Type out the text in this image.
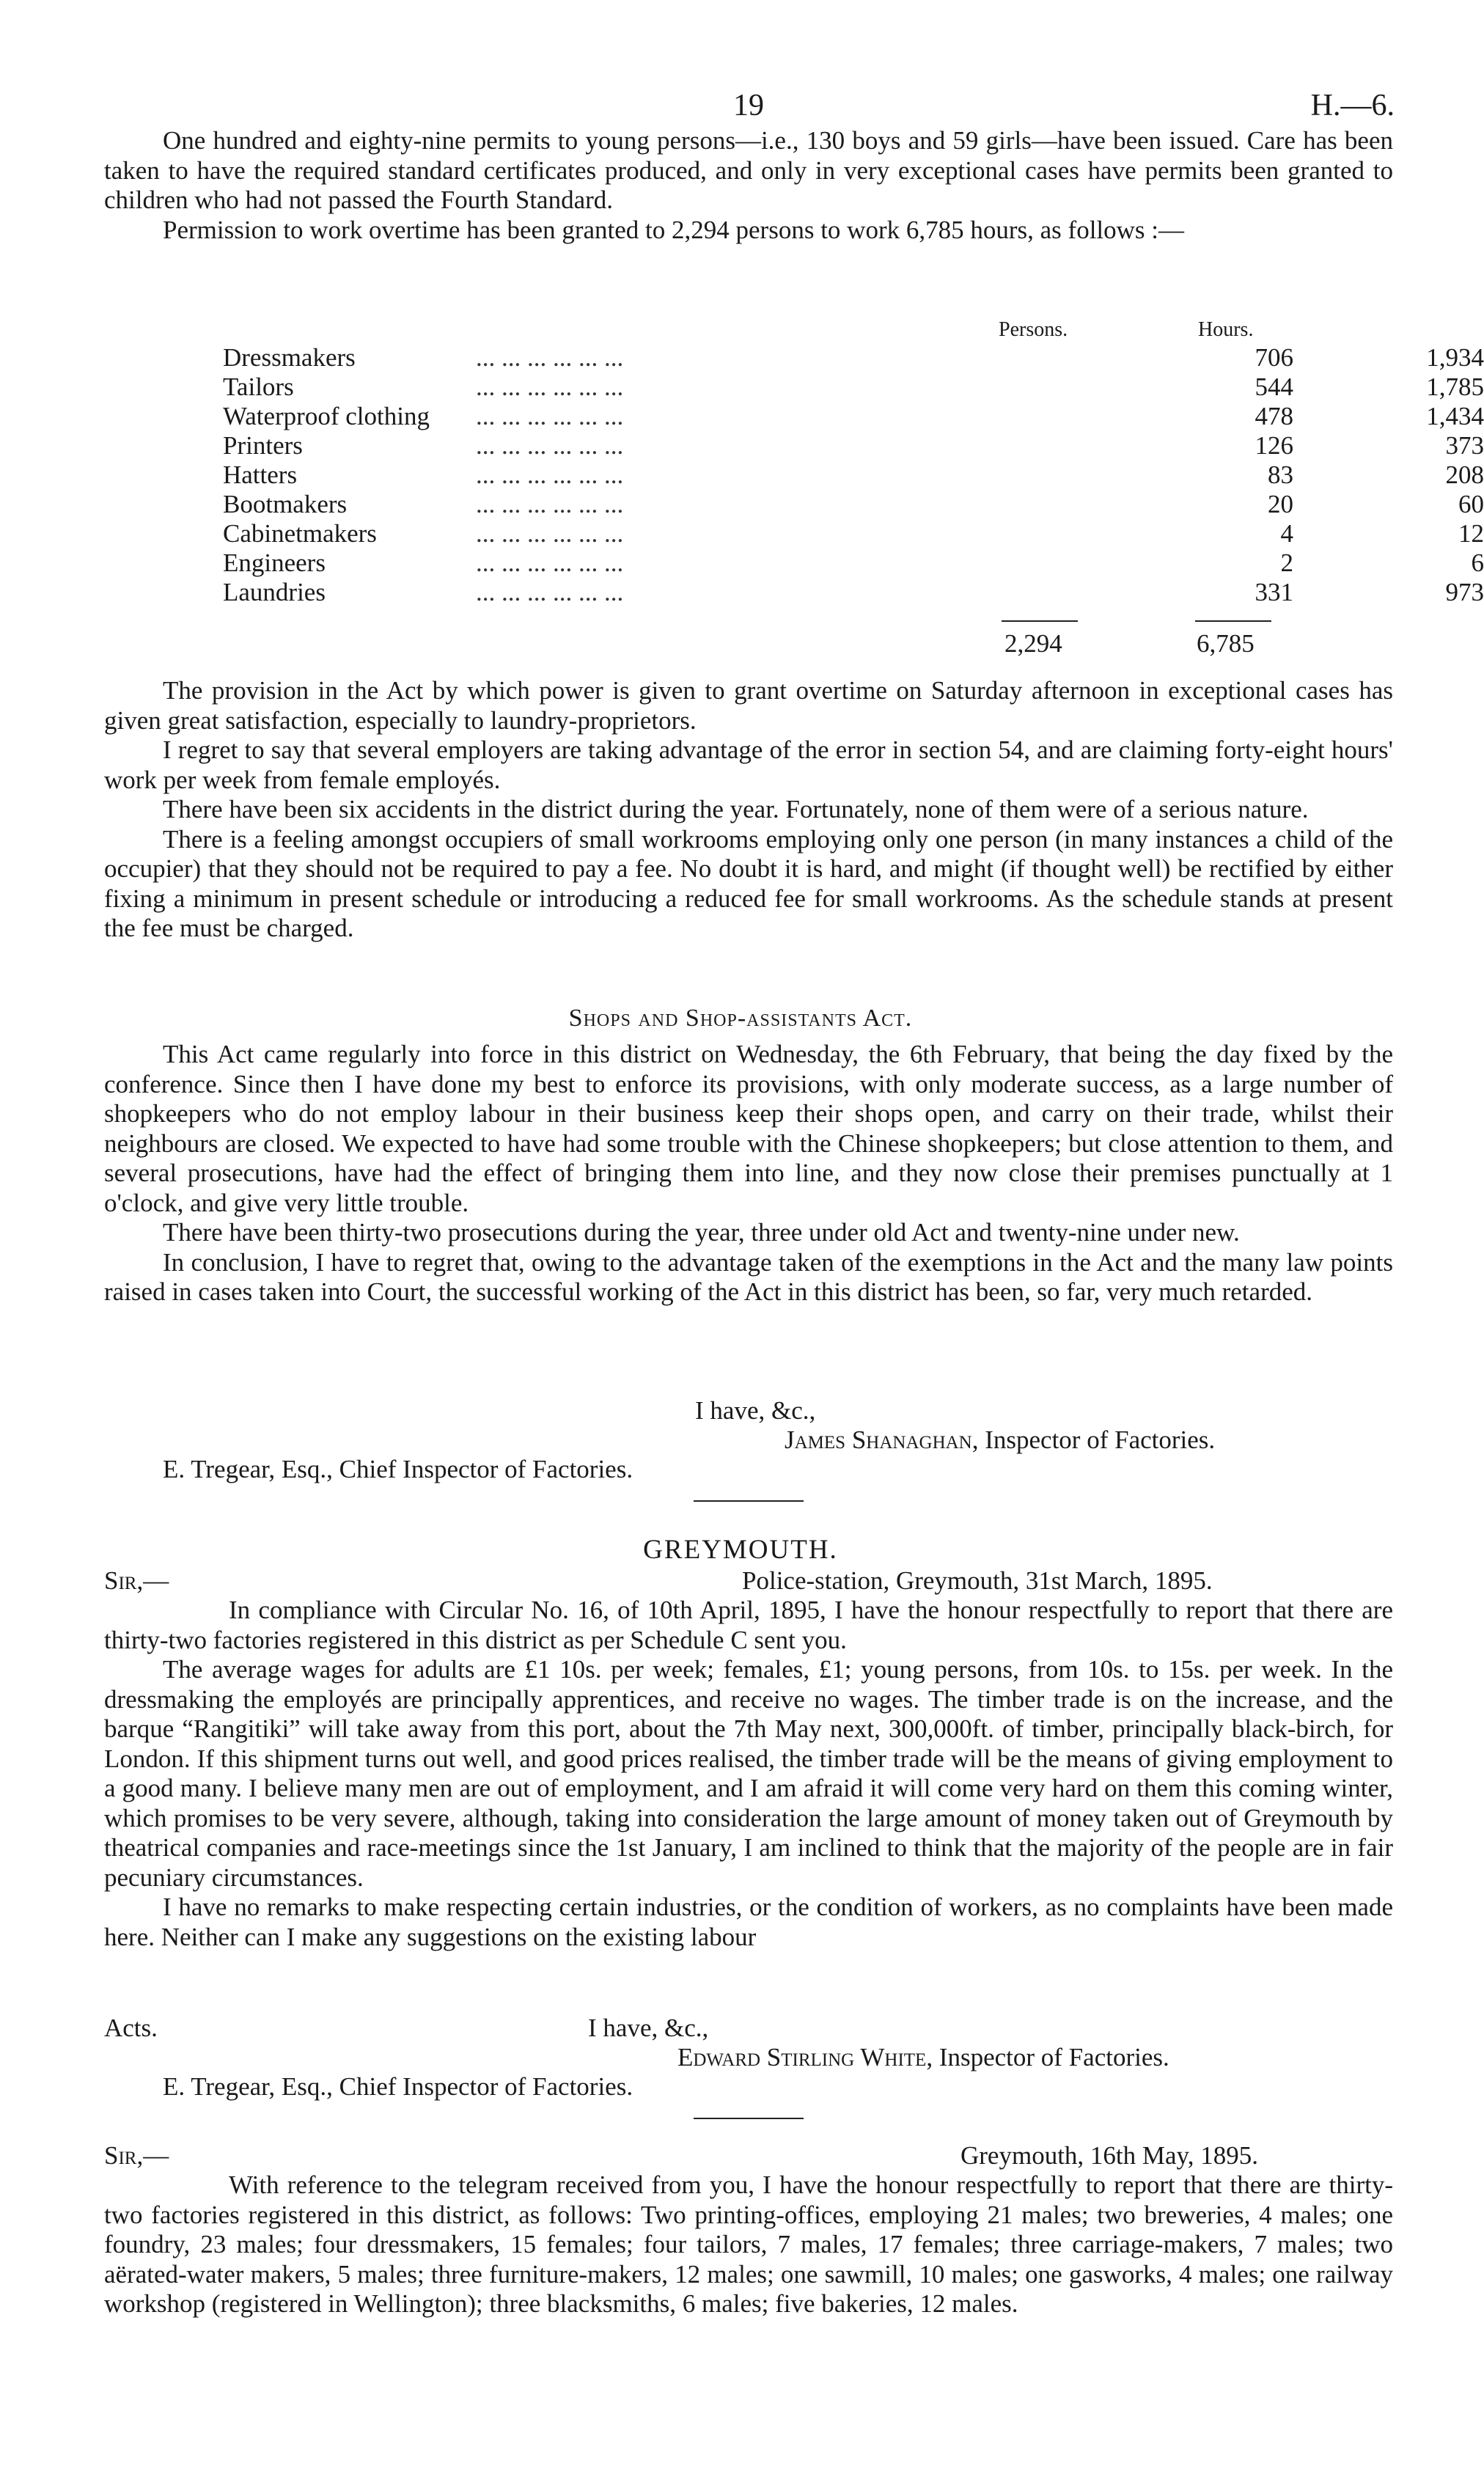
19	H.—6.

One hundred and eighty-nine permits to young persons—i.e., 130 boys and 59 girls—have been issued. Care has been taken to have the required standard certificates produced, and only in very exceptional cases have permits been granted to children who had not passed the Fourth Standard.

Permission to work overtime has been granted to 2,294 persons to work 6,785 hours, as follows :—

Persons.	Hours.
Dressmakers	... ... ... ... ... ...	706	1,934
Tailors	... ... ... ... ... ...	544	1,785
Waterproof clothing ... ... ... ... ... ...	478	1,434
Printers	... ... ... ... ... ...	126	373
Hatters	... ... ... ... ... ...	83	208
Bootmakers	... ... ... ... ... ...	20	60
Cabinetmakers	... ... ... ... ... ...	4	12
Engineers	... ... ... ... ... ...	2	6
Laundries	... ... ... ... ... ...	331	973
2,294	6,785

The provision in the Act by which power is given to grant overtime on Saturday afternoon in exceptional cases has given great satisfaction, especially to laundry-proprietors.

I regret to say that several employers are taking advantage of the error in section 54, and are claiming forty-eight hours' work per week from female employés.

There have been six accidents in the district during the year. Fortunately, none of them were of a serious nature.

There is a feeling amongst occupiers of small workrooms employing only one person (in many instances a child of the occupier) that they should not be required to pay a fee. No doubt it is hard, and might (if thought well) be rectified by either fixing a minimum in present schedule or introducing a reduced fee for small workrooms. As the schedule stands at present the fee must be charged.

Shops and Shop-assistants Act.

This Act came regularly into force in this district on Wednesday, the 6th February, that being the day fixed by the conference. Since then I have done my best to enforce its provisions, with only moderate success, as a large number of shopkeepers who do not employ labour in their business keep their shops open, and carry on their trade, whilst their neighbours are closed. We expected to have had some trouble with the Chinese shopkeepers; but close attention to them, and several prosecutions, have had the effect of bringing them into line, and they now close their premises punctually at 1 o'clock, and give very little trouble.

There have been thirty-two prosecutions during the year, three under old Act and twenty-nine under new.

In conclusion, I have to regret that, owing to the advantage taken of the exemptions in the Act and the many law points raised in cases taken into Court, the successful working of the Act in this district has been, so far, very much retarded.

I have, &c.,
James Shanaghan, Inspector of Factories.
E. Tregear, Esq., Chief Inspector of Factories.
GREYMOUTH.
Sir,—	Police-station, Greymouth, 31st March, 1895.

In compliance with Circular No. 16, of 10th April, 1895, I have the honour respectfully to report that there are thirty-two factories registered in this district as per Schedule C sent you.

The average wages for adults are £1 10s. per week; females, £1; young persons, from 10s. to 15s. per week. In the dressmaking the employés are principally apprentices, and receive no wages. The timber trade is on the increase, and the barque “Rangitiki” will take away from this port, about the 7th May next, 300,000ft. of timber, principally black-birch, for London. If this shipment turns out well, and good prices realised, the timber trade will be the means of giving employment to a good many. I believe many men are out of employment, and I am afraid it will come very hard on them this coming winter, which promises to be very severe, although, taking into consideration the large amount of money taken out of Greymouth by theatrical companies and race-meetings since the 1st January, I am inclined to think that the majority of the people are in fair pecuniary circumstances.

I have no remarks to make respecting certain industries, or the condition of workers, as no complaints have been made here. Neither can I make any suggestions on the existing labour

Acts.	I have, &c.,
Edward Stirling White, Inspector of Factories.
E. Tregear, Esq., Chief Inspector of Factories.
Sir,—	Greymouth, 16th May, 1895.

With reference to the telegram received from you, I have the honour respectfully to report that there are thirty-two factories registered in this district, as follows: Two printing-offices, employing 21 males; two breweries, 4 males; one foundry, 23 males; four dressmakers, 15 females; four tailors, 7 males, 17 females; three carriage-makers, 7 males; two aërated-water makers, 5 males; three furniture-makers, 12 males; one sawmill, 10 males; one gasworks, 4 males; one railway workshop (registered in Wellington); three blacksmiths, 6 males; five bakeries, 12 males.
